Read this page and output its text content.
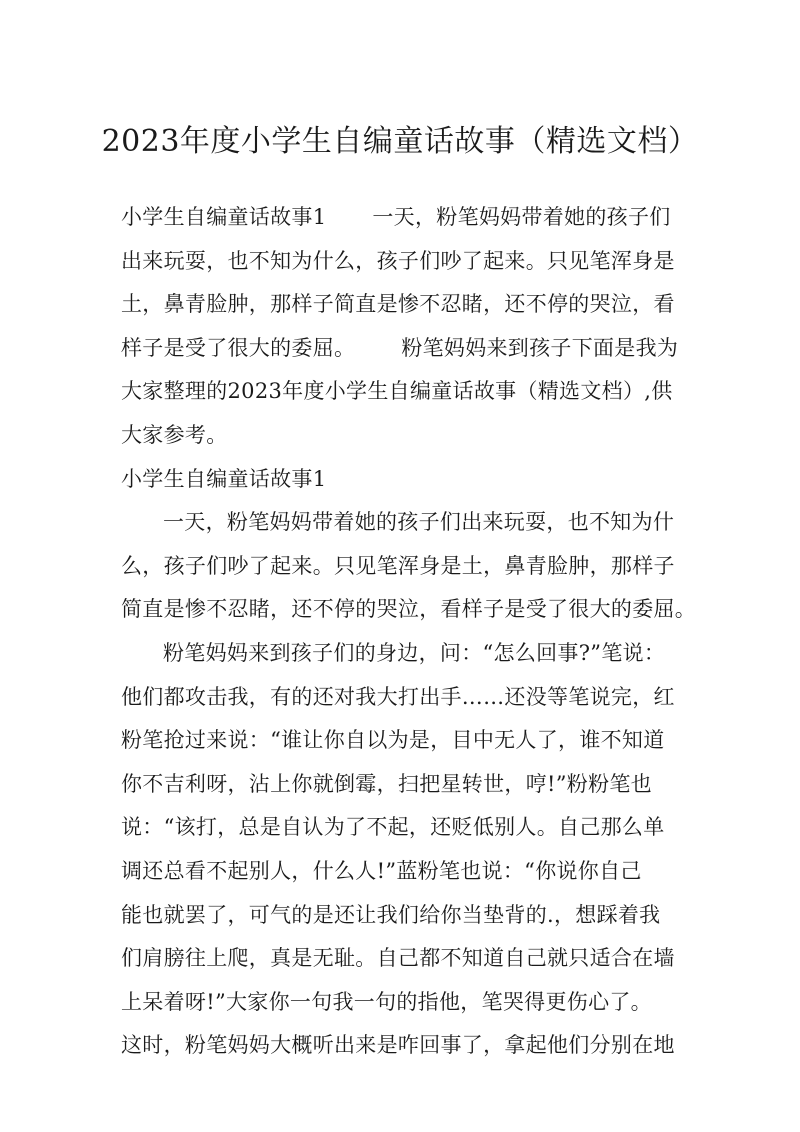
2023年度小学生自编童话故事（精选文档）
小学生自编童话故事1 一天，粉笔妈妈带着她的孩子们
出来玩耍，也不知为什么，孩子们吵了起来。只见笔浑身是
土，鼻青脸肿，那样子简直是惨不忍睹，还不停的哭泣，看
样子是受了很大的委屈。 粉笔妈妈来到孩子下面是我为
大家整理的2023年度小学生自编童话故事（精选文档）,供
大家参考。
小学生自编童话故事1
一天，粉笔妈妈带着她的孩子们出来玩耍，也不知为什
么，孩子们吵了起来。只见笔浑身是土，鼻青脸肿，那样子
简直是惨不忍睹，还不停的哭泣，看样子是受了很大的委屈。
粉笔妈妈来到孩子们的身边，问：“怎么回事?”笔说：
他们都攻击我，有的还对我大打出手……还没等笔说完，红
粉笔抢过来说：“谁让你自以为是，目中无人了，谁不知道
你不吉利呀，沾上你就倒霉，扫把星转世，哼!”粉粉笔也
说：“该打，总是自认为了不起，还贬低别人。自己那么单
调还总看不起别人，什么人!”蓝粉笔也说：“你说你自己
能也就罢了，可气的是还让我们给你当垫背的.，想踩着我
们肩膀往上爬，真是无耻。自己都不知道自己就只适合在墙
上呆着呀!”大家你一句我一句的指他，笔哭得更伤心了。
这时，粉笔妈妈大概听出来是咋回事了，拿起他们分别在地
